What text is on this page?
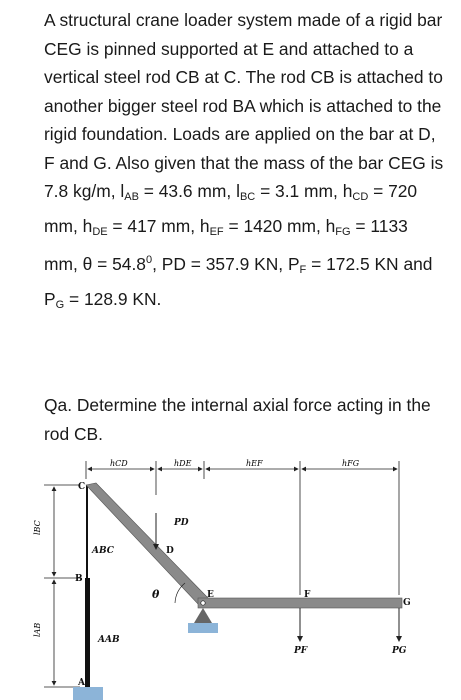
A structural crane loader system made of a rigid bar CEG is pinned supported at E and attached to a vertical steel rod CB at C. The rod CB is attached to another bigger steel rod BA which is attached to the rigid foundation. Loads are applied on the bar at D, F and G. Also given that the mass of the bar CEG is 7.8 kg/m, $l_{AB} = 43.6$ mm, $l_{BC} = 3.1$ mm, $h_{CD} = 720$ mm, $h_{DE} = 417$ mm, $h_{EF} = 1420$ mm, $h_{FG} = 1133$ mm, $\theta = 54.8^0$, PD = 357.9 KN, $P_F = 172.5$ KN and $P_G = 128.9$ KN.

Qa. Determine the internal axial force acting in the rod CB.
hCD	hDE	hEF	hFG
lBC
lAB
C
B
A
D
E	F
G
ABC
AAB
PD
PF	PG
θ
